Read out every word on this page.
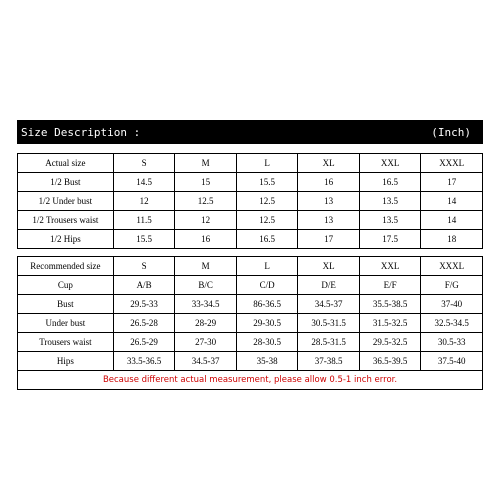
Size Description :	(Inch)
Actual size	S	M	L	XL	XXL	XXXL
1/2 Bust	14.5	15	15.5	16	16.5	17
1/2 Under bust	12	12.5	12.5	13	13.5	14
1/2 Trousers waist	11.5	12	12.5	13	13.5	14
1/2 Hips	15.5	16	16.5	17	17.5	18
Recommended size	S	M	L	XL	XXL	XXXL
Cup	A/B	B/C	C/D	D/E	E/F	F/G
Bust	29.5-33	33-34.5	86-36.5	34.5-37	35.5-38.5	37-40
Under bust	26.5-28	28-29	29-30.5	30.5-31.5	31.5-32.5	32.5-34.5
Trousers waist	26.5-29	27-30	28-30.5	28.5-31.5	29.5-32.5	30.5-33
Hips	33.5-36.5	34.5-37	35-38	37-38.5	36.5-39.5	37.5-40
Because different actual measurement, please allow 0.5-1 inch error.						
